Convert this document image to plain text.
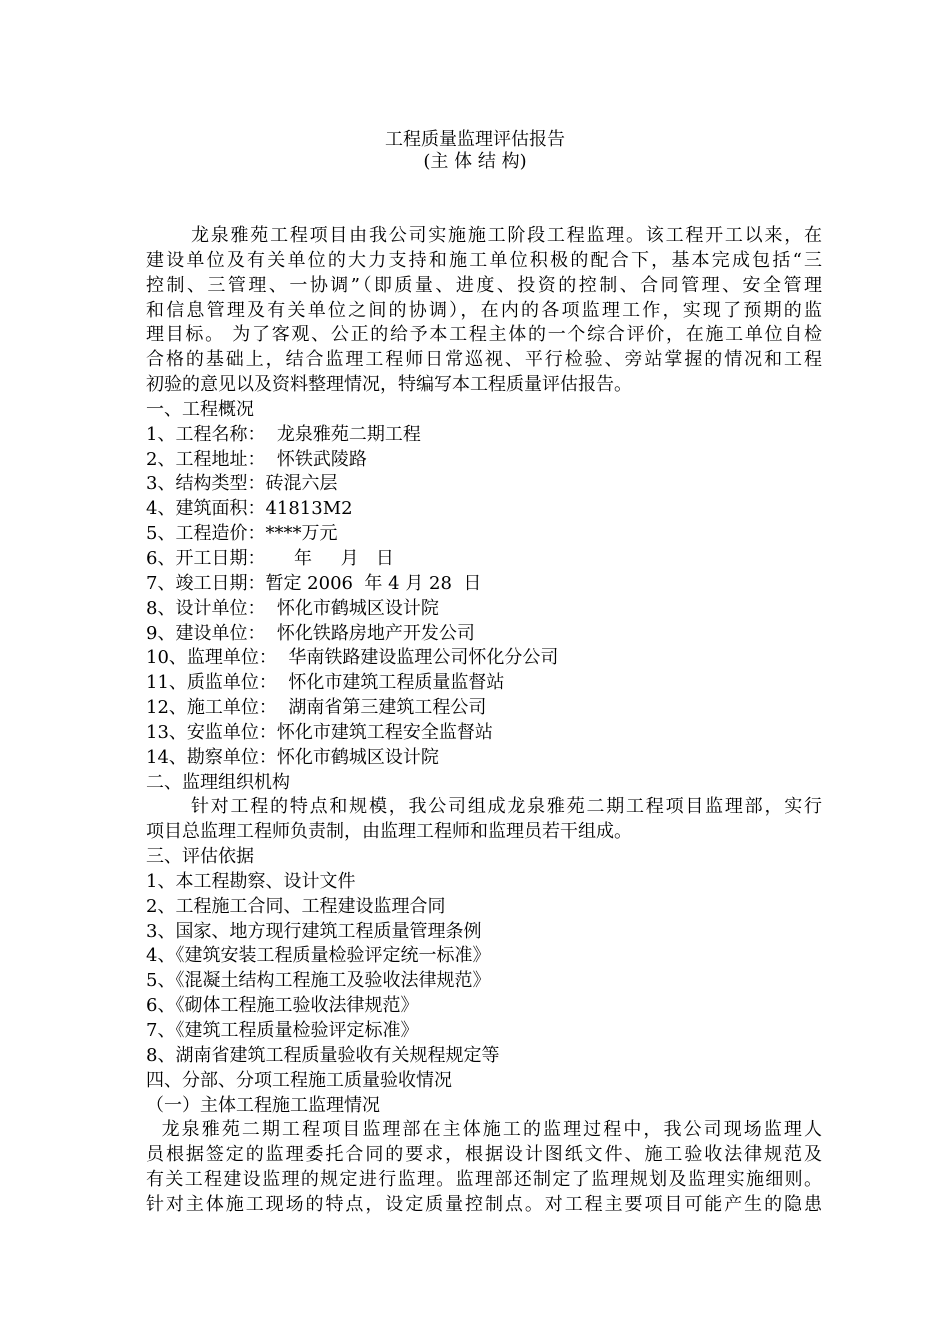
工程质量监理评估报告
(主 体 结 构)
龙泉雅苑工程项目由我公司实施施工阶段工程监理。该工程开工以来，在
建设单位及有关单位的大力支持和施工单位积极的配合下，基本完成包括“三
控制、三管理、一协调”（即质量、进度、投资的控制、合同管理、安全管理
和信息管理及有关单位之间的协调），在内的各项监理工作，实现了预期的监
理目标。 为了客观、公正的给予本工程主体的一个综合评价，在施工单位自检
合格的基础上，结合监理工程师日常巡视、平行检验、旁站掌握的情况和工程
初验的意见以及资料整理情况，特编写本工程质量评估报告。
一、工程概况
1、工程名称：  龙泉雅苑二期工程
2、工程地址：  怀铁武陵路
3、结构类型：砖混六层
4、建筑面积：41813M2
5、工程造价：****万元
6、开工日期：     年     月   日
7、竣工日期：暂定 2006  年 4 月 28  日
8、设计单位：  怀化市鹤城区设计院
9、建设单位：  怀化铁路房地产开发公司
10、监理单位：  华南铁路建设监理公司怀化分公司
11、质监单位：  怀化市建筑工程质量监督站
12、施工单位：  湖南省第三建筑工程公司
13、安监单位：怀化市建筑工程安全监督站
14、勘察单位：怀化市鹤城区设计院
二、监理组织机构
针对工程的特点和规模，我公司组成龙泉雅苑二期工程项目监理部，实行
项目总监理工程师负责制，由监理工程师和监理员若干组成。
三、评估依据
1、本工程勘察、设计文件
2、工程施工合同、工程建设监理合同
3、国家、地方现行建筑工程质量管理条例
4、《建筑安装工程质量检验评定统一标准》
5、《混凝土结构工程施工及验收法律规范》
6、《砌体工程施工验收法律规范》
7、《建筑工程质量检验评定标准》
8、湖南省建筑工程质量验收有关规程规定等
四、分部、分项工程施工质量验收情况
（一）主体工程施工监理情况
龙泉雅苑二期工程项目监理部在主体施工的监理过程中，我公司现场监理人
员根据签定的监理委托合同的要求，根据设计图纸文件、施工验收法律规范及
有关工程建设监理的规定进行监理。监理部还制定了监理规划及监理实施细则。
针对主体施工现场的特点，设定质量控制点。对工程主要项目可能产生的隐患
